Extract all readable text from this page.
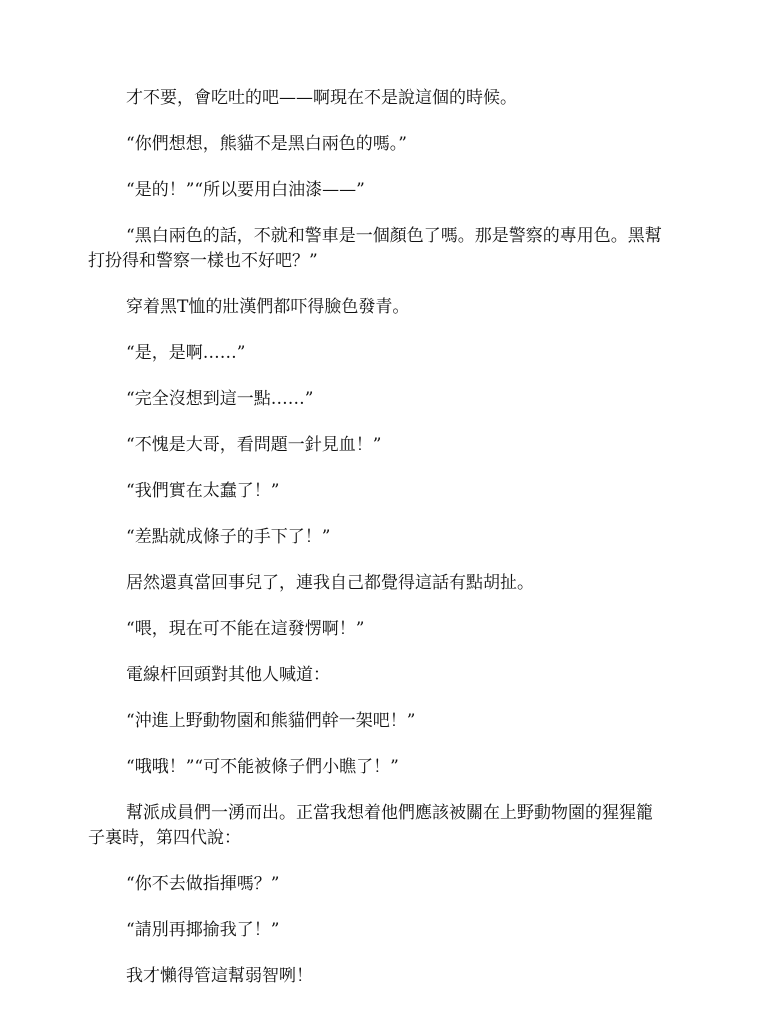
才不要，會吃吐的吧——啊現在不是說這個的時候。

“你們想想，熊貓不是黑白兩色的嗎。”

“是的！”“所以要用白油漆——”

“黑白兩色的話，不就和警車是一個顏色了嗎。那是警察的專用色。黑幫打扮得和警察一樣也不好吧？”

穿着黑T恤的壯漢們都吓得臉色發青。

“是，是啊……”

“完全沒想到這一點……”

“不愧是大哥，看問題一針見血！”

“我們實在太蠢了！”

“差點就成條子的手下了！”

居然還真當回事兒了，連我自己都覺得這話有點胡扯。

“喂，現在可不能在這發愣啊！”

電線杆回頭對其他人喊道：

“沖進上野動物園和熊貓們幹一架吧！”

“哦哦！”“可不能被條子們小瞧了！”

幫派成員們一湧而出。正當我想着他們應該被關在上野動物園的猩猩籠子裏時，第四代說：

“你不去做指揮嗎？”

“請別再揶揄我了！”

我才懶得管這幫弱智咧！
